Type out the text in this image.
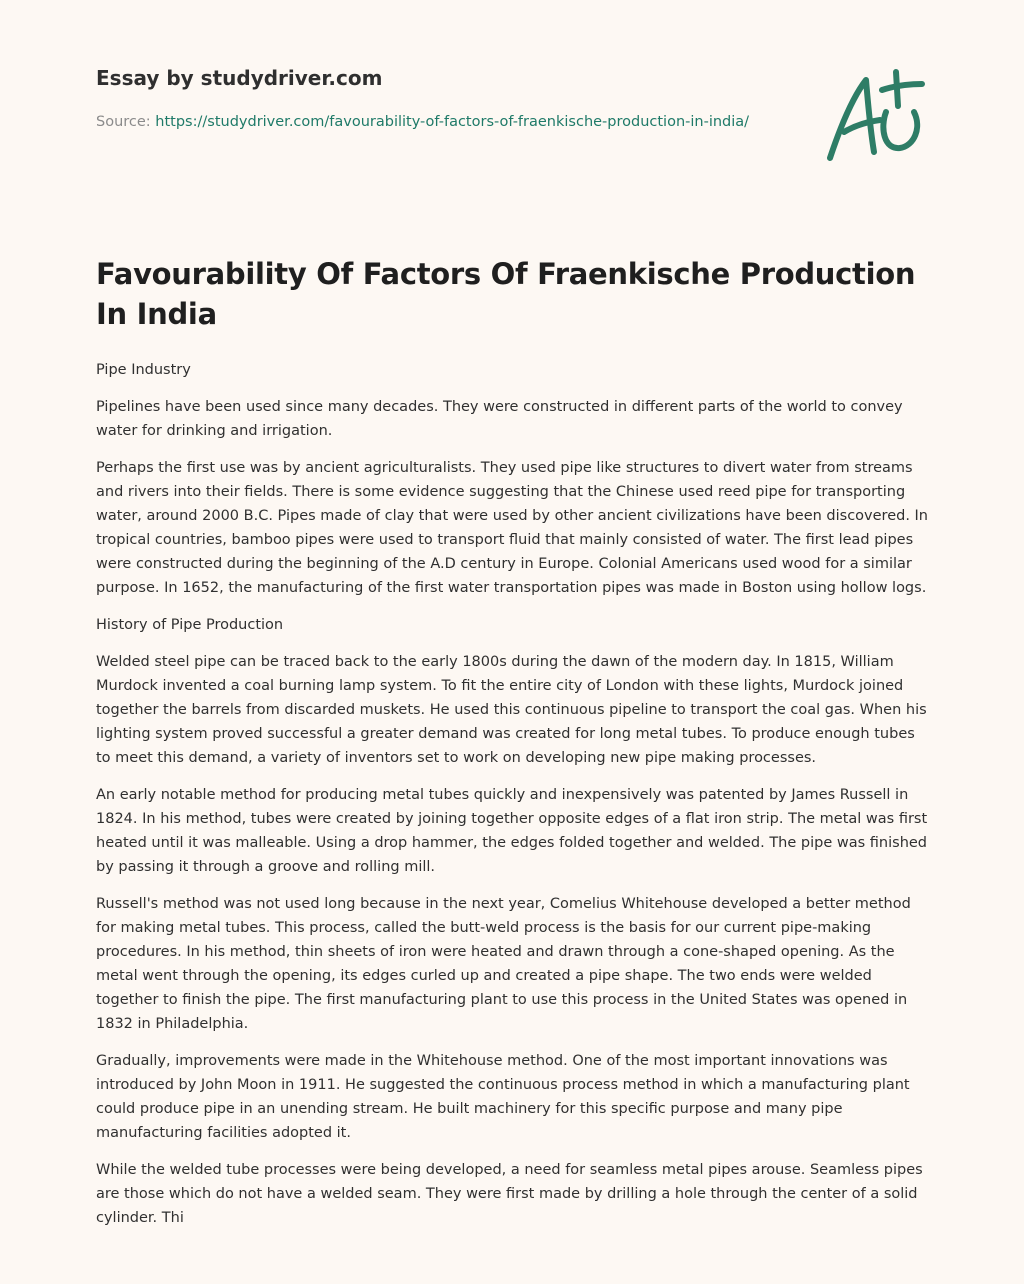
Essay by studydriver.com
Source: https://studydriver.com/favourability-of-factors-of-fraenkische-production-in-india/
Favourability Of Factors Of Fraenkische Production In India

Pipe Industry

Pipelines have been used since many decades. They were constructed in different parts of the world to convey water for drinking and irrigation.

Perhaps the first use was by ancient agriculturalists. They used pipe like structures to divert water from streams and rivers into their fields. There is some evidence suggesting that the Chinese used reed pipe for transporting water, around 2000 B.C. Pipes made of clay that were used by other ancient civilizations have been discovered. In tropical countries, bamboo pipes were used to transport fluid that mainly consisted of water. The first lead pipes were constructed during the beginning of the A.D century in Europe. Colonial Americans used wood for a similar purpose. In 1652, the manufacturing of the first water transportation pipes was made in Boston using hollow logs.

History of Pipe Production

Welded steel pipe can be traced back to the early 1800s during the dawn of the modern day. In 1815, William Murdock invented a coal burning lamp system. To fit the entire city of London with these lights, Murdock joined together the barrels from discarded muskets. He used this continuous pipeline to transport the coal gas. When his lighting system proved successful a greater demand was created for long metal tubes. To produce enough tubes to meet this demand, a variety of inventors set to work on developing new pipe making processes.

An early notable method for producing metal tubes quickly and inexpensively was patented by James Russell in 1824. In his method, tubes were created by joining together opposite edges of a flat iron strip. The metal was first heated until it was malleable. Using a drop hammer, the edges folded together and welded. The pipe was finished by passing it through a groove and rolling mill.

Russell's method was not used long because in the next year, Comelius Whitehouse developed a better method for making metal tubes. This process, called the butt-weld process is the basis for our current pipe-making procedures. In his method, thin sheets of iron were heated and drawn through a cone-shaped opening. As the metal went through the opening, its edges curled up and created a pipe shape. The two ends were welded together to finish the pipe. The first manufacturing plant to use this process in the United States was opened in 1832 in Philadelphia.

Gradually, improvements were made in the Whitehouse method. One of the most important innovations was introduced by John Moon in 1911. He suggested the continuous process method in which a manufacturing plant could produce pipe in an unending stream. He built machinery for this specific purpose and many pipe manufacturing facilities adopted it.

While the welded tube processes were being developed, a need for seamless metal pipes arouse. Seamless pipes are those which do not have a welded seam. They were first made by drilling a hole through the center of a solid cylinder. Thi
